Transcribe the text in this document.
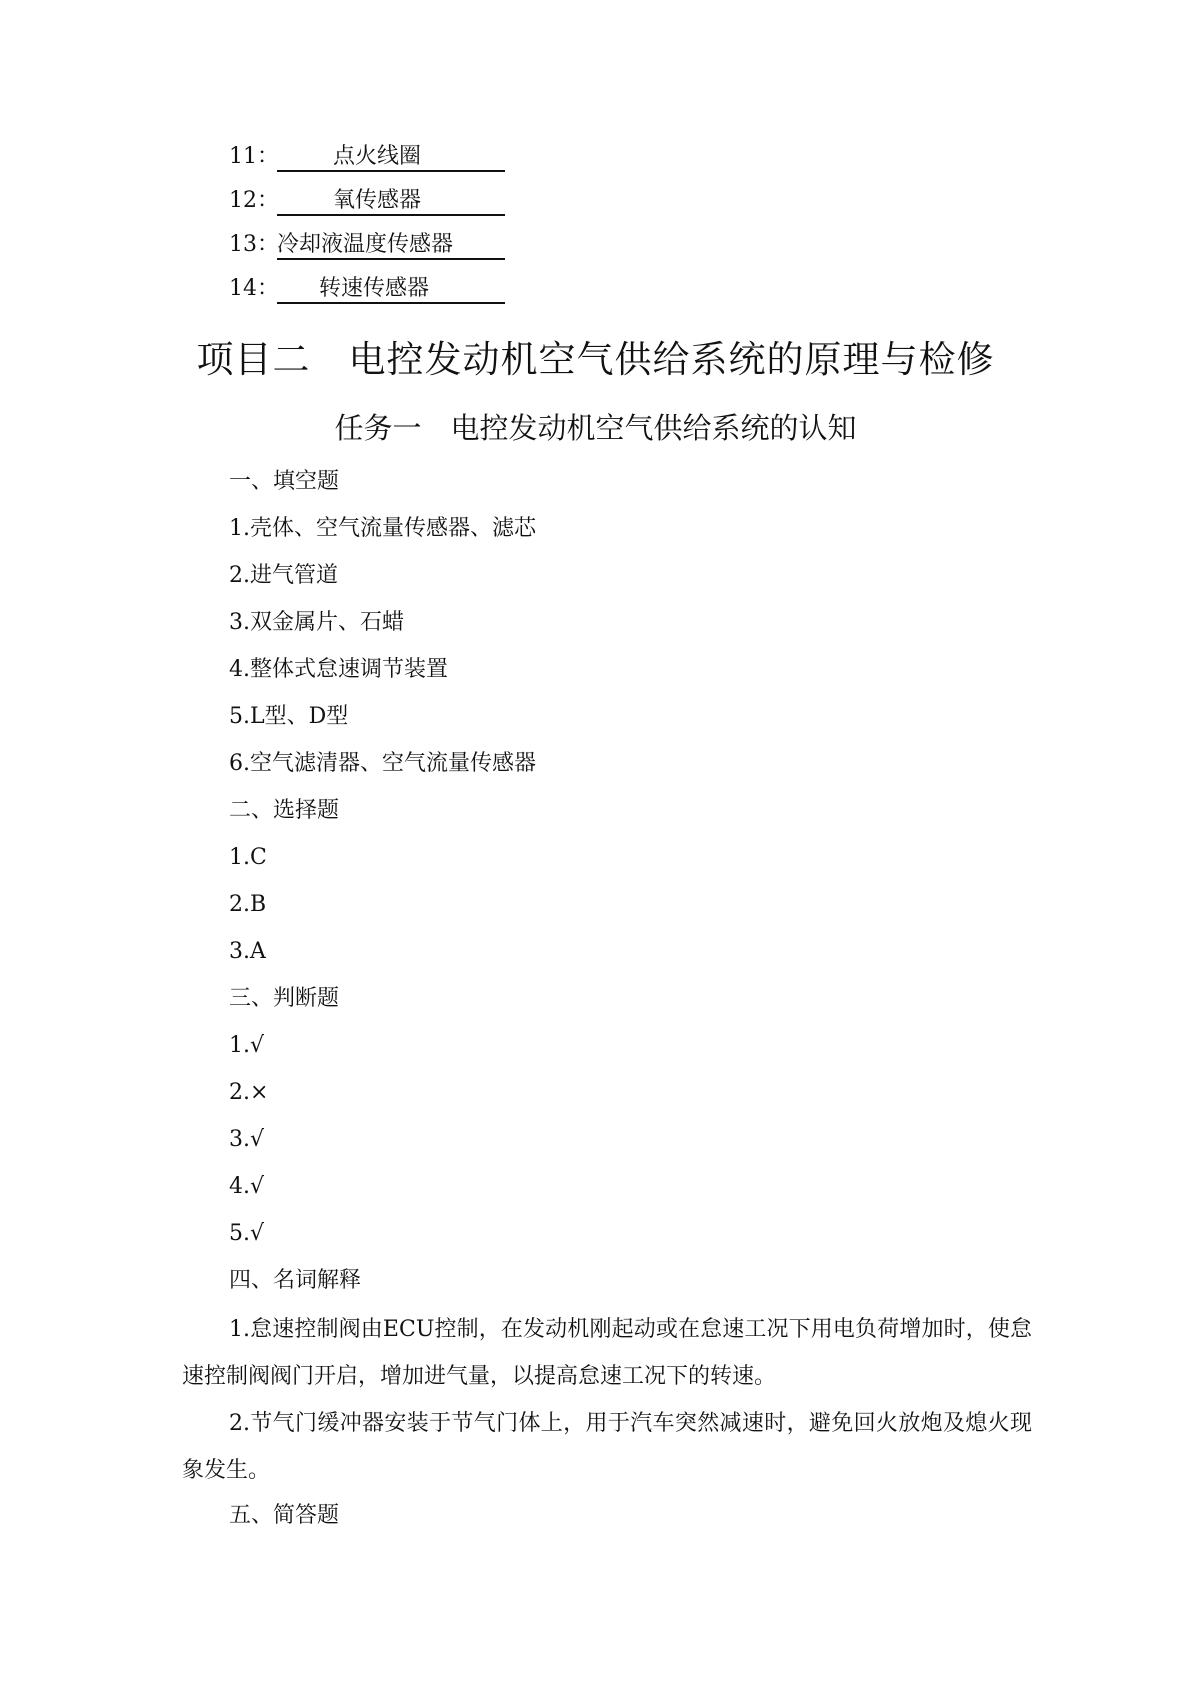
11： 点火线圈
12： 氧传感器
13：冷却液温度传感器
14： 转速传感器
项目二　电控发动机空气供给系统的原理与检修
任务一　电控发动机空气供给系统的认知
一、填空题
1.壳体、空气流量传感器、滤芯
2.进气管道
3.双金属片、石蜡
4.整体式怠速调节装置
5.L型、D型
6.空气滤清器、空气流量传感器
二、选择题
1.C
2.B
3.A
三、判断题
1.√
2.×
3.√
4.√
5.√
四、名词解释
1.怠速控制阀由ECU控制，在发动机刚起动或在怠速工况下用电负荷增加时，使怠速控制阀阀门开启，增加进气量，以提高怠速工况下的转速。
2.节气门缓冲器安装于节气门体上，用于汽车突然减速时，避免回火放炮及熄火现象发生。
五、简答题
